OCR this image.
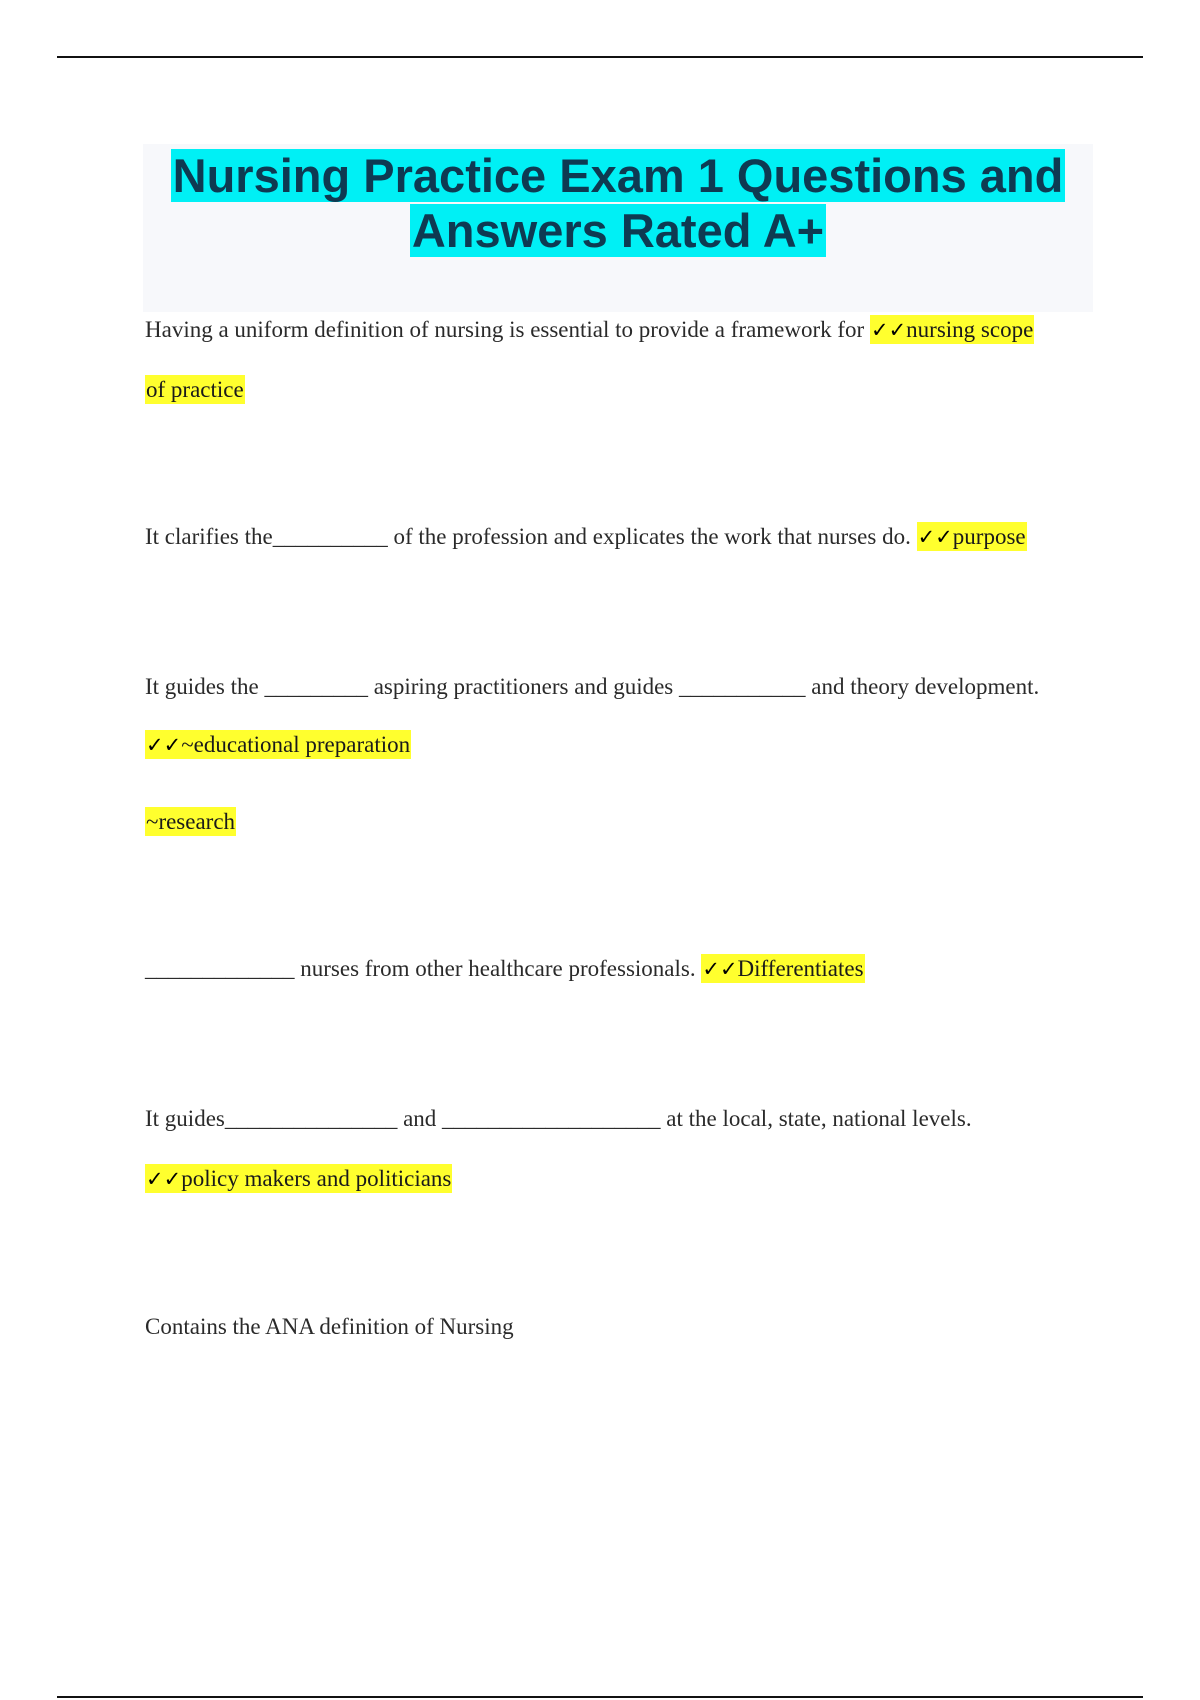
Nursing Practice Exam 1 Questions and
Answers Rated A+
Having a uniform definition of nursing is essential to provide a framework for ✓✓nursing scope
of practice
It clarifies the__________ of the profession and explicates the work that nurses do. ✓✓purpose
It guides the _________ aspiring practitioners and guides ___________ and theory development.
✓✓~educational preparation
~research
_____________ nurses from other healthcare professionals. ✓✓Differentiates
It guides_______________ and ___________________ at the local, state, national levels.
✓✓policy makers and politicians
Contains the ANA definition of Nursing
